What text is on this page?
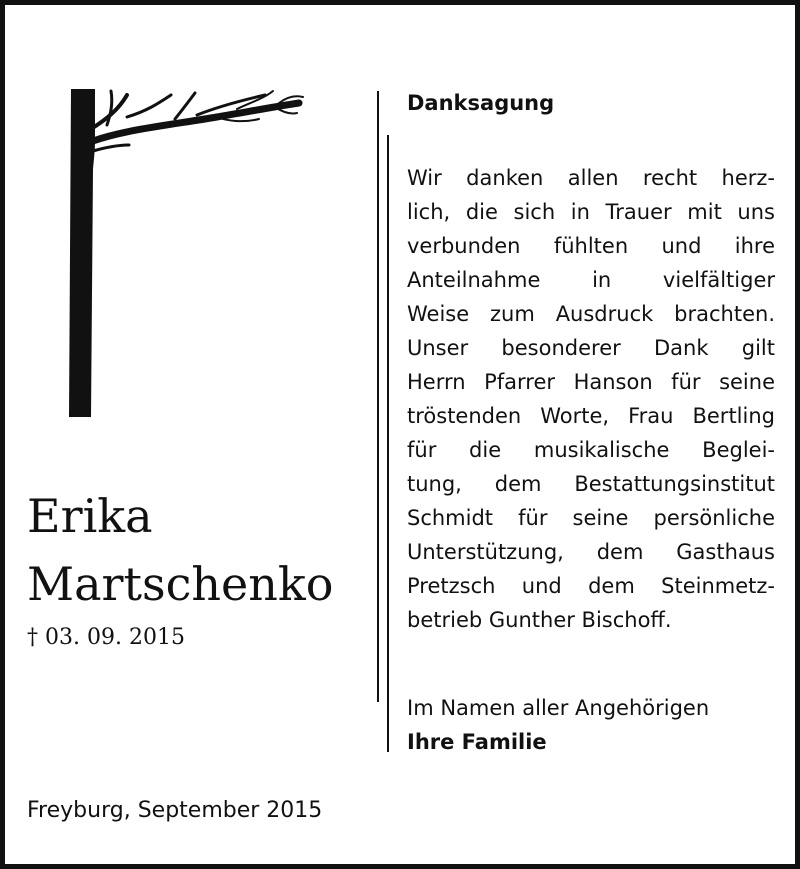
Erika
Martschenko
† 03. 09. 2015
Freyburg, September 2015
Danksagung
Wir danken allen recht herz-
lich, die sich in Trauer mit uns
verbunden fühlten und ihre
Anteilnahme in vielfältiger
Weise zum Ausdruck brachten.
Unser besonderer Dank gilt
Herrn Pfarrer Hanson für seine
tröstenden Worte, Frau Bertling
für die musikalische Beglei-
tung, dem Bestattungsinstitut
Schmidt für seine persönliche
Unterstützung, dem Gasthaus
Pretzsch und dem Steinmetz-
betrieb Gunther Bischoff.
Im Namen aller Angehörigen
Ihre Familie
